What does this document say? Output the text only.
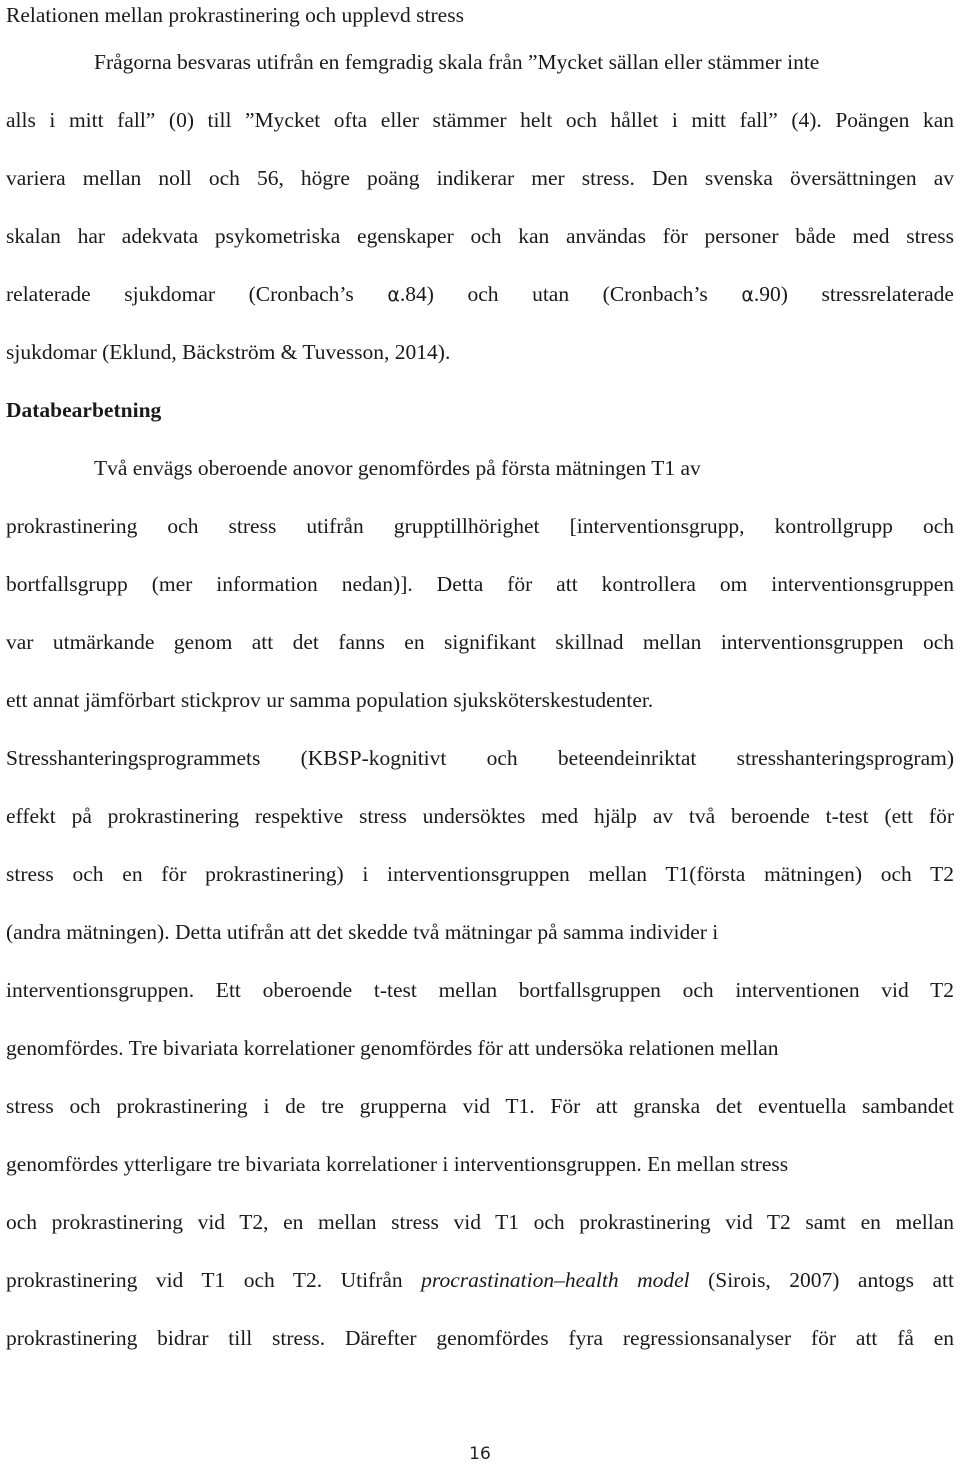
Relationen mellan prokrastinering och upplevd stress
Frågorna besvaras utifrån en femgradig skala från ”Mycket sällan eller stämmer inte
alls i mitt fall” (0) till ”Mycket ofta eller stämmer helt och hållet i mitt fall” (4). Poängen kan
variera mellan noll och 56, högre poäng indikerar mer stress. Den svenska översättningen av
skalan har adekvata psykometriska egenskaper och kan användas för personer både med stress
relaterade sjukdomar (Cronbach’s α.84) och utan (Cronbach’s α.90) stressrelaterade
sjukdomar (Eklund, Bäckström & Tuvesson, 2014).
Databearbetning
Två envägs oberoende anovor genomfördes på första mätningen T1 av
prokrastinering och stress utifrån grupptillhörighet [interventionsgrupp, kontrollgrupp och
bortfallsgrupp (mer information nedan)]. Detta för att kontrollera om interventionsgruppen
var utmärkande genom att det fanns en signifikant skillnad mellan interventionsgruppen och
ett annat jämförbart stickprov ur samma population sjuksköterskestudenter.
Stresshanteringsprogrammets (KBSP-kognitivt och beteendeinriktat stresshanteringsprogram)
effekt på prokrastinering respektive stress undersöktes med hjälp av två beroende t-test (ett för
stress och en för prokrastinering) i interventionsgruppen mellan T1(första mätningen) och T2
(andra mätningen). Detta utifrån att det skedde två mätningar på samma individer i
interventionsgruppen. Ett oberoende t-test mellan bortfallsgruppen och interventionen vid T2
genomfördes. Tre bivariata korrelationer genomfördes för att undersöka relationen mellan
stress och prokrastinering i de tre grupperna vid T1. För att granska det eventuella sambandet
genomfördes ytterligare tre bivariata korrelationer i interventionsgruppen. En mellan stress
och prokrastinering vid T2, en mellan stress vid T1 och prokrastinering vid T2 samt en mellan
prokrastinering vid T1 och T2. Utifrån procrastination–health model (Sirois, 2007) antogs att
prokrastinering bidrar till stress. Därefter genomfördes fyra regressionsanalyser för att få en
16
